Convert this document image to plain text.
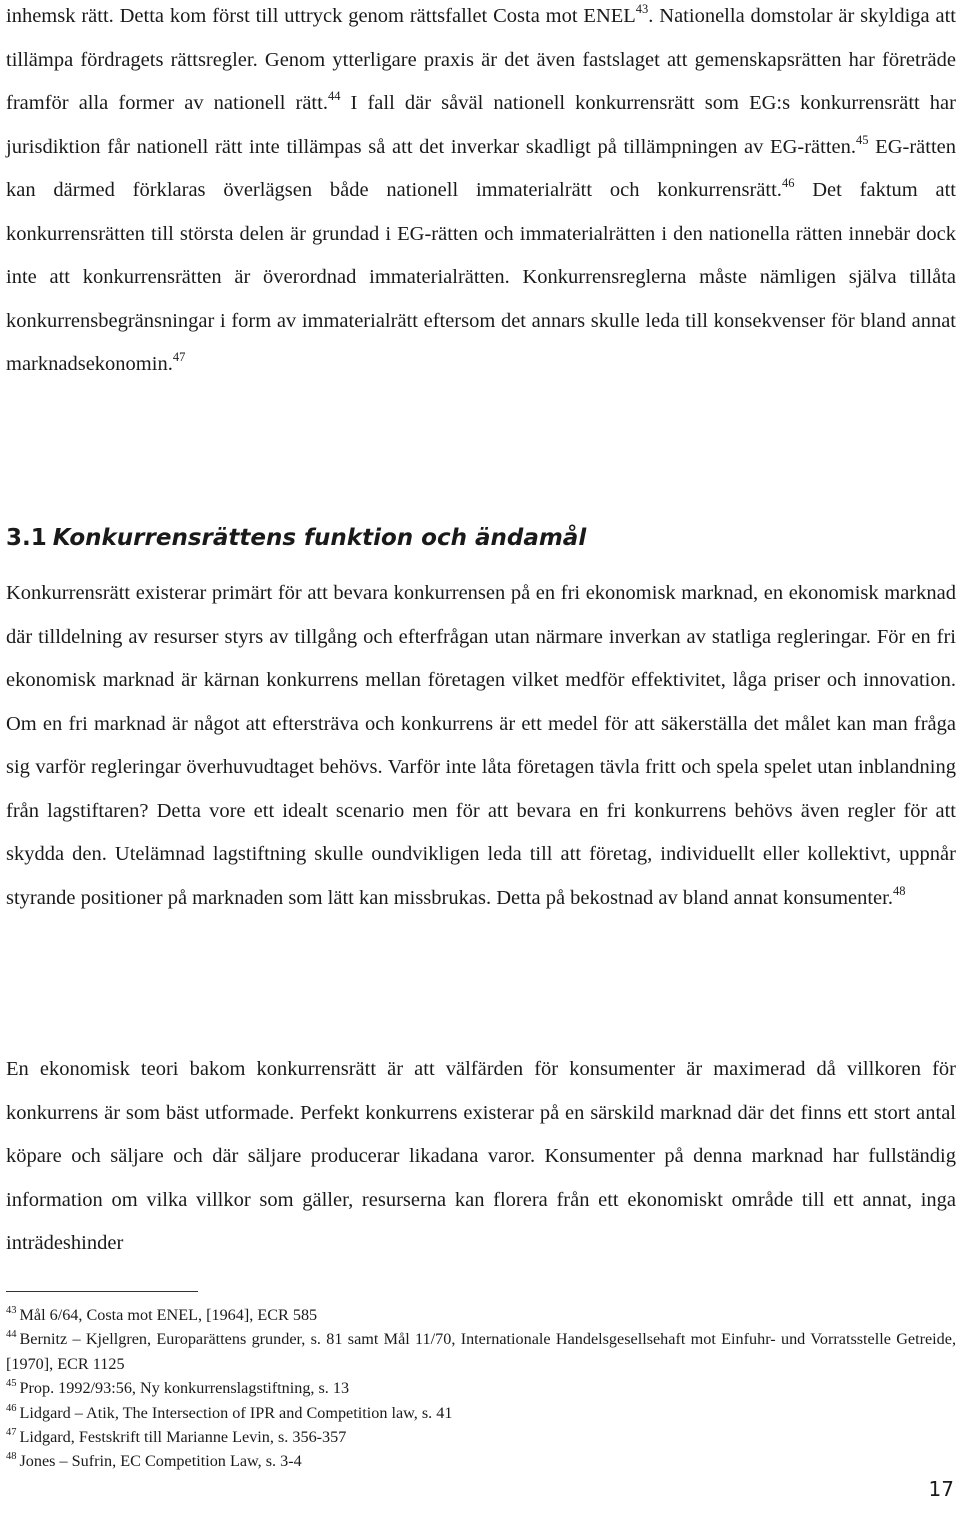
inhemsk rätt. Detta kom först till uttryck genom rättsfallet Costa mot ENEL$^{43}$. Nationella domstolar är skyldiga att tillämpa fördragets rättsregler. Genom ytterligare praxis är det även fastslaget att gemenskapsrätten har företräde framför alla former av nationell rätt.$^{44}$ I fall där såväl nationell konkurrensrätt som EG:s konkurrensrätt har jurisdiktion får nationell rätt inte tillämpas så att det inverkar skadligt på tillämpningen av EG-rätten.$^{45}$ EG-rätten kan därmed förklaras överlägsen både nationell immaterialrätt och konkurrensrätt.$^{46}$ Det faktum att konkurrensrätten till största delen är grundad i EG-rätten och immaterialrätten i den nationella rätten innebär dock inte att konkurrensrätten är överordnad immaterialrätten. Konkurrensreglerna måste nämligen själva tillåta konkurrensbegränsningar i form av immaterialrätt eftersom det annars skulle leda till konsekvenser för bland annat marknadsekonomin.$^{47}$

3.1 Konkurrensrättens funktion och ändamål

Konkurrensrätt existerar primärt för att bevara konkurrensen på en fri ekonomisk marknad, en ekonomisk marknad där tilldelning av resurser styrs av tillgång och efterfrågan utan närmare inverkan av statliga regleringar. För en fri ekonomisk marknad är kärnan konkurrens mellan företagen vilket medför effektivitet, låga priser och innovation. Om en fri marknad är något att eftersträva och konkurrens är ett medel för att säkerställa det målet kan man fråga sig varför regleringar överhuvudtaget behövs. Varför inte låta företagen tävla fritt och spela spelet utan inblandning från lagstiftaren? Detta vore ett idealt scenario men för att bevara en fri konkurrens behövs även regler för att skydda den. Utelämnad lagstiftning skulle oundvikligen leda till att företag, individuellt eller kollektivt, uppnår styrande positioner på marknaden som lätt kan missbrukas. Detta på bekostnad av bland annat konsumenter.$^{48}$

En ekonomisk teori bakom konkurrensrätt är att välfärden för konsumenter är maximerad då villkoren för konkurrens är som bäst utformade. Perfekt konkurrens existerar på en särskild marknad där det finns ett stort antal köpare och säljare och där säljare producerar likadana varor. Konsumenter på denna marknad har fullständig information om vilka villkor som gäller, resurserna kan florera från ett ekonomiskt område till ett annat, inga inträdeshinder

$^{43}$ Mål 6/64, Costa mot ENEL, [1964], ECR 585

$^{44}$ Bernitz – Kjellgren, Europarättens grunder, s. 81 samt Mål 11/70, Internationale Handelsgesellsehaft mot Einfuhr- und Vorratsstelle Getreide, [1970], ECR 1125

$^{45}$ Prop. 1992/93:56, Ny konkurrenslagstiftning, s. 13

$^{46}$ Lidgard – Atik, The Intersection of IPR and Competition law, s. 41

$^{47}$ Lidgard, Festskrift till Marianne Levin, s. 356-357

$^{48}$ Jones – Sufrin, EC Competition Law, s. 3-4

17
